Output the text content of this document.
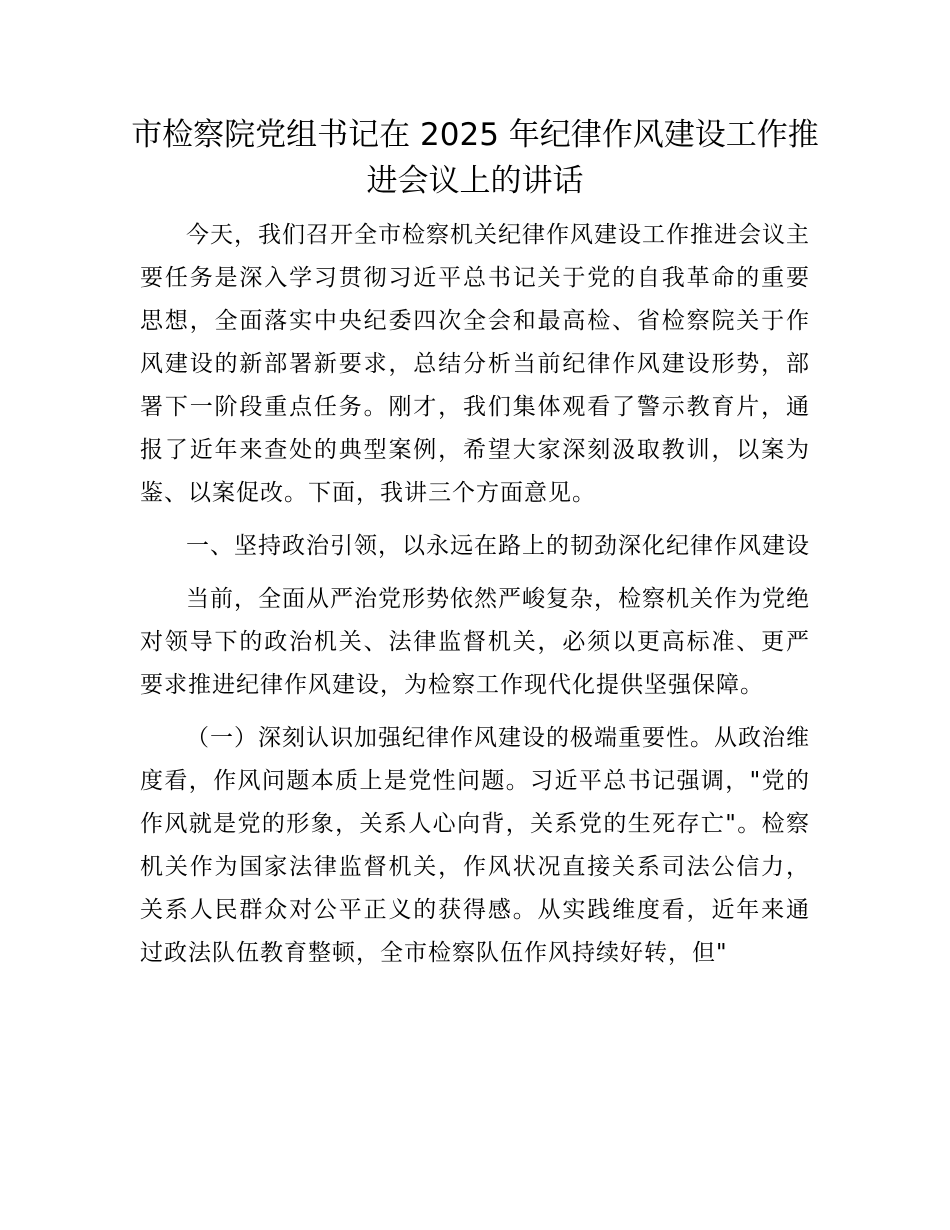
市检察院党组书记在 2025 年纪律作风建设工作推进会议上的讲话

今天，我们召开全市检察机关纪律作风建设工作推进会议主要任务是深入学习贯彻习近平总书记关于党的自我革命的重要思想，全面落实中央纪委四次全会和最高检、省检察院关于作风建设的新部署新要求，总结分析当前纪律作风建设形势，部署下一阶段重点任务。刚才，我们集体观看了警示教育片，通报了近年来查处的典型案例，希望大家深刻汲取教训，以案为鉴、以案促改。下面，我讲三个方面意见。

一、坚持政治引领，以永远在路上的韧劲深化纪律作风建设

当前，全面从严治党形势依然严峻复杂，检察机关作为党绝对领导下的政治机关、法律监督机关，必须以更高标准、更严要求推进纪律作风建设，为检察工作现代化提供坚强保障。

（一）深刻认识加强纪律作风建设的极端重要性。从政治维度看，作风问题本质上是党性问题。习近平总书记强调，"党的作风就是党的形象，关系人心向背，关系党的生死存亡"。检察机关作为国家法律监督机关，作风状况直接关系司法公信力，关系人民群众对公平正义的获得感。从实践维度看，近年来通过政法队伍教育整顿，全市检察队伍作风持续好转，但"
